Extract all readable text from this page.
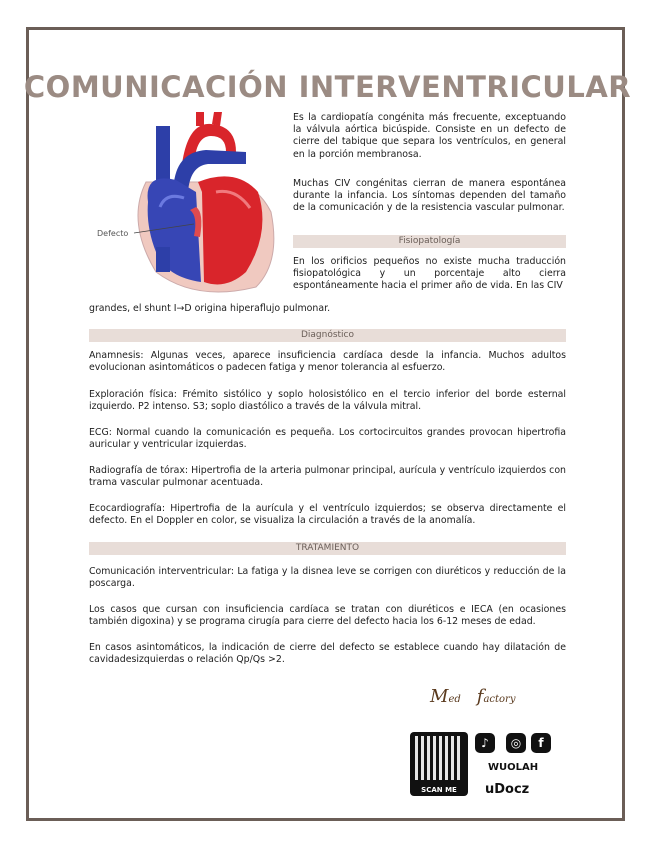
COMUNICACIÓN INTERVENTRICULAR
Defecto
Es la cardiopatía congénita más frecuente, exceptuando la válvula aórtica bicúspide. Consiste en un defecto de cierre del tabique que separa los ventrículos, en general en la porción membranosa.
Muchas CIV congénitas cierran de manera espontánea durante la infancia. Los síntomas dependen del tamaño de la comunicación y de la resistencia vascular pulmonar.
Fisiopatología
En los orificios pequeños no existe mucha traducción fisiopatológica y un porcentaje alto cierra espontáneamente hacia el primer año de vida. En las CIV
grandes, el shunt I→D origina hiperaflujo pulmonar.
Diagnóstico
Anamnesis: Algunas veces, aparece insuficiencia cardíaca desde la infancia. Muchos adultos evolucionan asintomáticos o padecen fatiga y menor tolerancia al esfuerzo.
Exploración física: Frémito sistólico y soplo holosistólico en el tercio inferior del borde esternal izquierdo. P2 intenso. S3; soplo diastólico a través de la válvula mitral.
ECG: Normal cuando la comunicación es pequeña. Los cortocircuitos grandes provocan hipertrofia auricular y ventricular izquierdas.
Radiografía de tórax: Hipertrofia de la arteria pulmonar principal, aurícula y ventrículo izquierdos con trama vascular pulmonar acentuada.
Ecocardiografía: Hipertrofia de la aurícula y el ventrículo izquierdos; se observa directamente el defecto. En el Doppler en color, se visualiza la circulación a través de la anomalía.
TRATAMIENTO
Comunicación interventricular: La fatiga y la disnea leve se corrigen con diuréticos y reducción de la poscarga.
Los casos que cursan con insuficiencia cardíaca se tratan con diuréticos e IECA (en ocasiones también digoxina) y se programa cirugía para cierre del defecto hacia los 6-12 meses de edad.
En casos asintomáticos, la indicación de cierre del defecto se establece cuando hay dilatación de cavidadesizquierdas o relación Qp/Qs >2.
Med factory
SCAN ME
♪	◎	f
WUOLAH
uDocz
